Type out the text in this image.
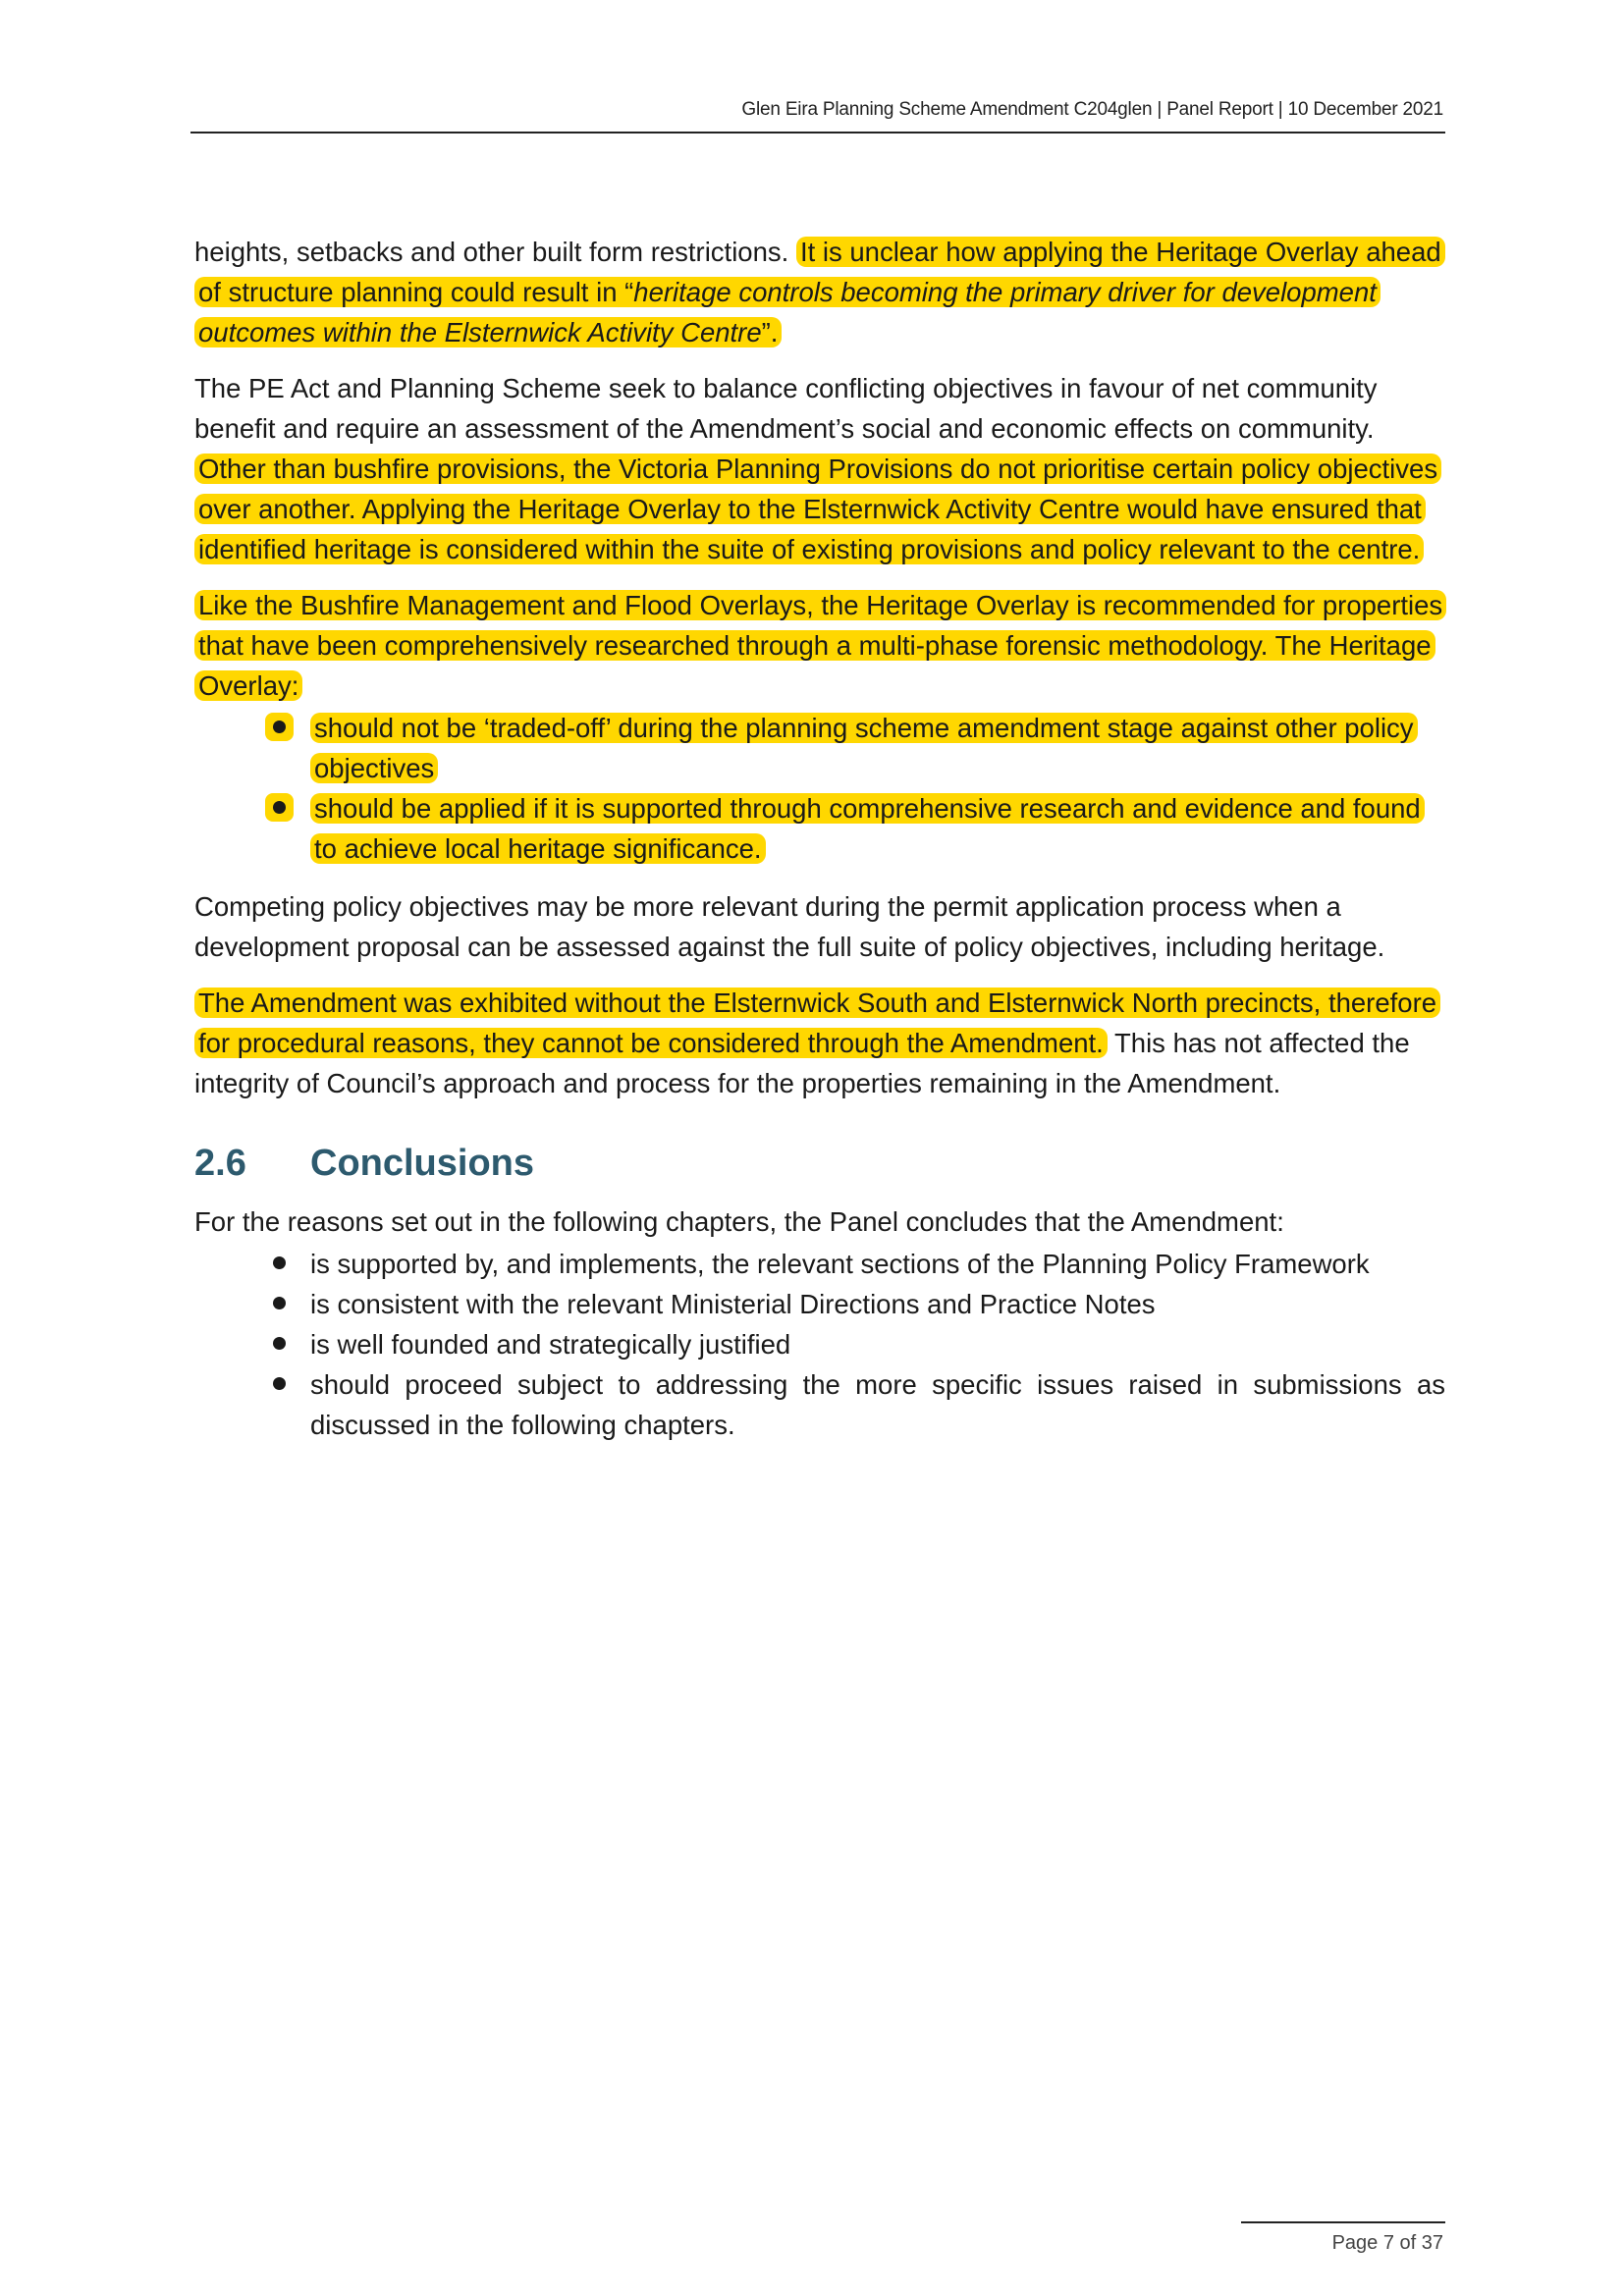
Glen Eira Planning Scheme Amendment C204glen | Panel Report | 10 December 2021

heights, setbacks and other built form restrictions. It is unclear how applying the Heritage Overlay ahead of structure planning could result in “heritage controls becoming the primary driver for development outcomes within the Elsternwick Activity Centre”.

The PE Act and Planning Scheme seek to balance conflicting objectives in favour of net community benefit and require an assessment of the Amendment’s social and economic effects on community. Other than bushfire provisions, the Victoria Planning Provisions do not prioritise certain policy objectives over another. Applying the Heritage Overlay to the Elsternwick Activity Centre would have ensured that identified heritage is considered within the suite of existing provisions and policy relevant to the centre.

Like the Bushfire Management and Flood Overlays, the Heritage Overlay is recommended for properties that have been comprehensively researched through a multi-phase forensic methodology. The Heritage Overlay:

should not be ‘traded-off’ during the planning scheme amendment stage against other policy objectives
should be applied if it is supported through comprehensive research and evidence and found to achieve local heritage significance.

Competing policy objectives may be more relevant during the permit application process when a development proposal can be assessed against the full suite of policy objectives, including heritage.

The Amendment was exhibited without the Elsternwick South and Elsternwick North precincts, therefore for procedural reasons, they cannot be considered through the Amendment. This has not affected the integrity of Council’s approach and process for the properties remaining in the Amendment.

2.6 Conclusions

For the reasons set out in the following chapters, the Panel concludes that the Amendment:

is supported by, and implements, the relevant sections of the Planning Policy Framework
is consistent with the relevant Ministerial Directions and Practice Notes
is well founded and strategically justified
should proceed subject to addressing the more specific issues raised in submissions as discussed in the following chapters.
Page 7 of 37
